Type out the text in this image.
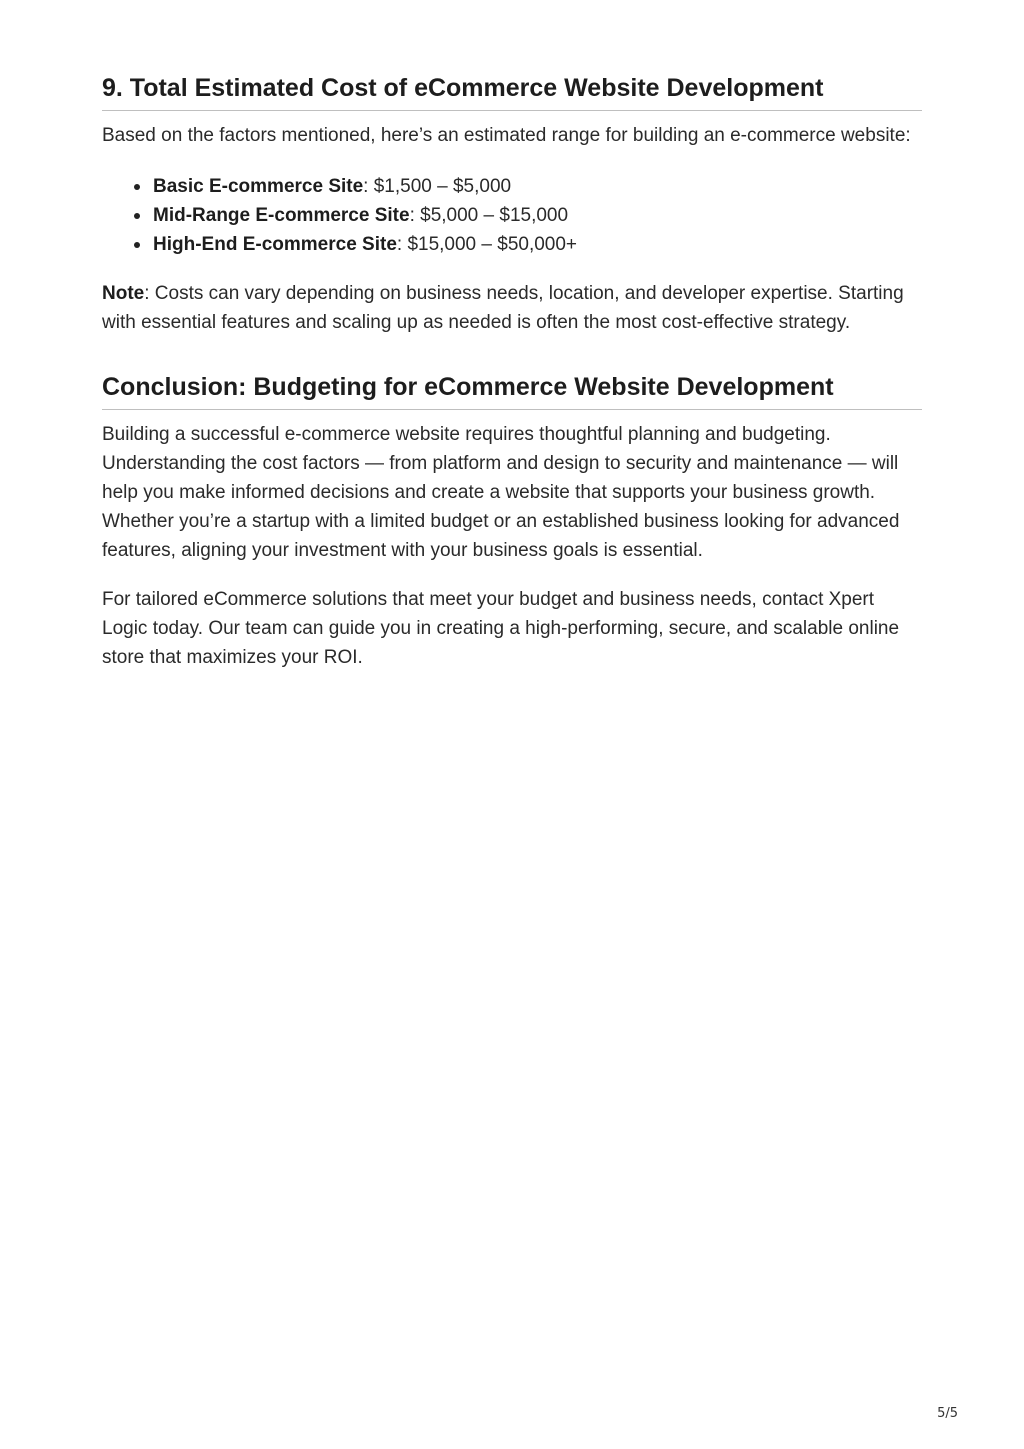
9. Total Estimated Cost of eCommerce Website Development

Based on the factors mentioned, here’s an estimated range for building an e-commerce website:

Basic E-commerce Site: $1,500 – $5,000
Mid-Range E-commerce Site: $5,000 – $15,000
High-End E-commerce Site: $15,000 – $50,000+

Note: Costs can vary depending on business needs, location, and developer expertise. Starting with essential features and scaling up as needed is often the most cost-effective strategy.

Conclusion: Budgeting for eCommerce Website Development

Building a successful e-commerce website requires thoughtful planning and budgeting. Understanding the cost factors — from platform and design to security and maintenance — will help you make informed decisions and create a website that supports your business growth. Whether you’re a startup with a limited budget or an established business looking for advanced features, aligning your investment with your business goals is essential.

For tailored eCommerce solutions that meet your budget and business needs, contact Xpert Logic today. Our team can guide you in creating a high-performing, secure, and scalable online store that maximizes your ROI.

5/5
